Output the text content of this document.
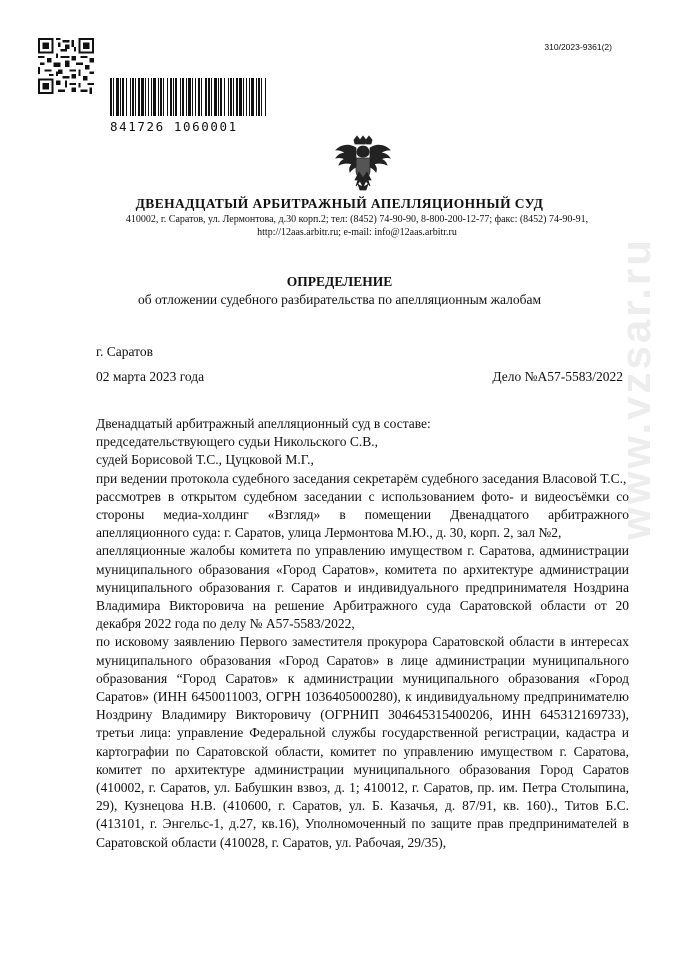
841726 1060001
310/2023-9361(2)
ДВЕНАДЦАТЫЙ АРБИТРАЖНЫЙ АПЕЛЛЯЦИОННЫЙ СУД
410002, г. Саратов, ул. Лермонтова, д.30 корп.2; тел: (8452) 74-90-90, 8-800-200-12-77; факс: (8452) 74-90-91,
http://12aas.arbitr.ru; e-mail: info@12aas.arbitr.ru
ОПРЕДЕЛЕНИЕ
об отложении судебного разбирательства по апелляционным жалобам
г. Саратов
02 марта 2023 года	Дело №А57-5583/2022

Двенадцатый арбитражный апелляционный суд в составе:

председательствующего судьи Никольского С.В.,

судей Борисовой Т.С., Цуцковой М.Г.,

при ведении протокола судебного заседания секретарём судебного заседания Власовой Т.С.,

рассмотрев в открытом судебном заседании с использованием фото- и видеосъёмки со стороны медиа-холдинг «Взгляд» в помещении Двенадцатого арбитражного апелляционного суда: г. Саратов, улица Лермонтова М.Ю., д. 30, корп. 2, зал №2,

апелляционные жалобы комитета по управлению имуществом г. Саратова, администрации муниципального образования «Город Саратов», комитета по архитектуре администрации муниципального образования г. Саратов и индивидуального предпринимателя Ноздрина Владимира Викторовича на решение Арбитражного суда Саратовской области от 20 декабря 2022 года по делу № А57-5583/2022,

по исковому заявлению Первого заместителя прокурора Саратовской области в интересах муниципального образования «Город Саратов» в лице администрации муниципального образования “Город Саратов» к администрации муниципального образования «Город Саратов» (ИНН 6450011003, ОГРН 1036405000280), к индивидуальному предпринимателю Ноздрину Владимиру Викторовичу (ОГРНИП 304645315400206, ИНН 645312169733), третьи лица: управление Федеральной службы государственной регистрации, кадастра и картографии по Саратовской области, комитет по управлению имуществом г. Саратова, комитет по архитектуре администрации муниципального образования Город Саратов (410002, г. Саратов, ул. Бабушкин взвоз, д. 1; 410012, г. Саратов, пр. им. Петра Столыпина, 29), Кузнецова Н.В. (410600, г. Саратов, ул. Б. Казачья, д. 87/91, кв. 160)., Титов Б.С. (413101, г. Энгельс-1, д.27, кв.16), Уполномоченный по защите прав предпринимателей в Саратовской области (410028, г. Саратов, ул. Рабочая, 29/35),

www.vzsar.ru
